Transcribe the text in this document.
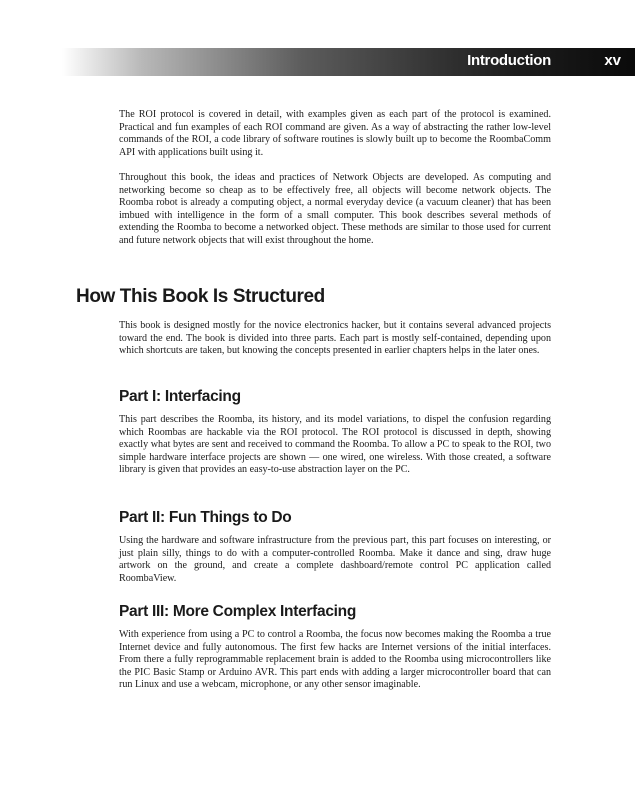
Introduction	xv

The ROI protocol is covered in detail, with examples given as each part of the protocol is examined. Practical and fun examples of each ROI command are given. As a way of abstracting the rather low-level commands of the ROI, a code library of software routines is slowly built up to become the RoombaComm API with applications built using it.

Throughout this book, the ideas and practices of Network Objects are developed. As computing and networking become so cheap as to be effectively free, all objects will become network objects. The Roomba robot is already a computing object, a normal everyday device (a vacuum cleaner) that has been imbued with intelligence in the form of a small computer. This book describes several methods of extending the Roomba to become a networked object. These methods are similar to those used for current and future network objects that will exist throughout the home.

How This Book Is Structured

This book is designed mostly for the novice electronics hacker, but it contains several advanced projects toward the end. The book is divided into three parts. Each part is mostly self-contained, depending upon which shortcuts are taken, but knowing the concepts presented in earlier chapters helps in the later ones.

Part I: Interfacing

This part describes the Roomba, its history, and its model variations, to dispel the confusion regarding which Roombas are hackable via the ROI protocol. The ROI protocol is discussed in depth, showing exactly what bytes are sent and received to command the Roomba. To allow a PC to speak to the ROI, two simple hardware interface projects are shown — one wired, one wireless. With those created, a software library is given that provides an easy-to-use abstraction layer on the PC.

Part II: Fun Things to Do

Using the hardware and software infrastructure from the previous part, this part focuses on interesting, or just plain silly, things to do with a computer-controlled Roomba. Make it dance and sing, draw huge artwork on the ground, and create a complete dashboard/remote control PC application called RoombaView.

Part III: More Complex Interfacing

With experience from using a PC to control a Roomba, the focus now becomes making the Roomba a true Internet device and fully autonomous. The first few hacks are Internet versions of the initial interfaces. From there a fully reprogrammable replacement brain is added to the Roomba using microcontrollers like the PIC Basic Stamp or Arduino AVR. This part ends with adding a larger microcontroller board that can run Linux and use a webcam, microphone, or any other sensor imaginable.
